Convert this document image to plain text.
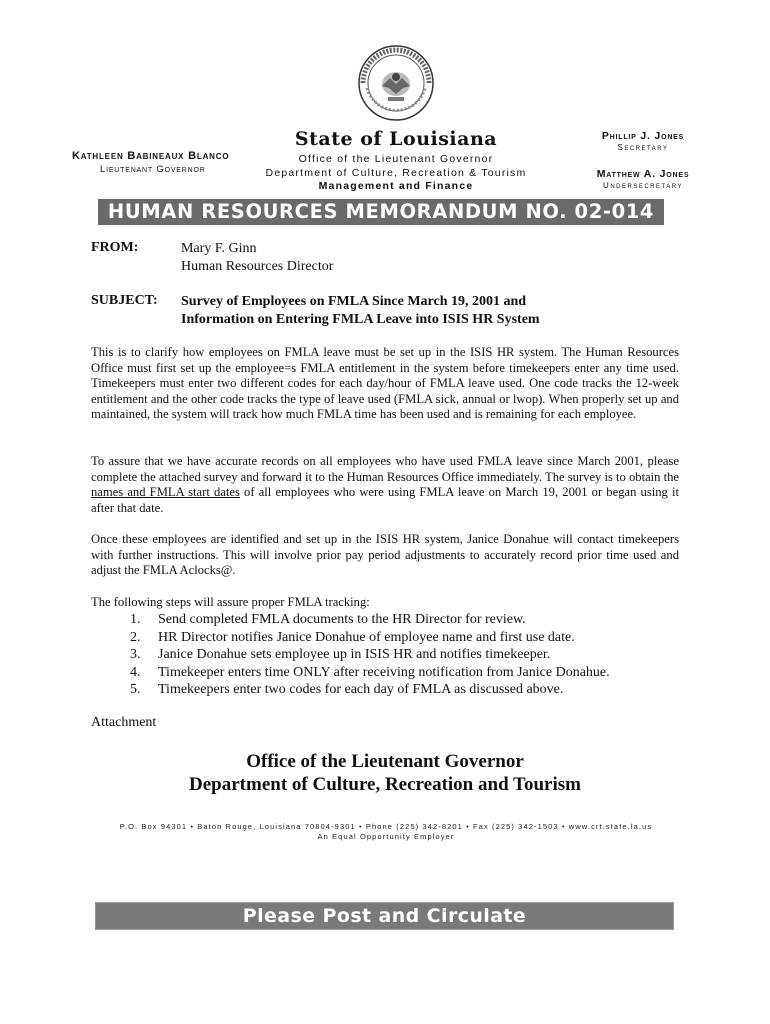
State of Louisiana
Kathleen Babineaux Blanco
Lieutenant Governor
Office of the Lieutenant Governor
Department of Culture, Recreation & Tourism
Management and Finance
Phillip J. Jones
Secretary
Matthew A. Jones
Undersecretary
HUMAN RESOURCES MEMORANDUM NO. 02-014
FROM:	Mary F. Ginn
Human Resources Director
SUBJECT: Survey of Employees on FMLA Since March 19, 2001 and
Information on Entering FMLA Leave into ISIS HR System
This is to clarify how employees on FMLA leave must be set up in the ISIS HR system. The Human Resources Office must first set up the employee=s FMLA entitlement in the system before timekeepers enter any time used. Timekeepers must enter two different codes for each day/hour of FMLA leave used. One code tracks the 12-week entitlement and the other code tracks the type of leave used (FMLA sick, annual or lwop). When properly set up and maintained, the system will track how much FMLA time has been used and is remaining for each employee.
To assure that we have accurate records on all employees who have used FMLA leave since March 2001, please complete the attached survey and forward it to the Human Resources Office immediately. The survey is to obtain the names and FMLA start dates of all employees who were using FMLA leave on March 19, 2001 or began using it after that date.
Once these employees are identified and set up in the ISIS HR system, Janice Donahue will contact timekeepers with further instructions. This will involve prior pay period adjustments to accurately record prior time used and adjust the FMLA Aclocks@.
The following steps will assure proper FMLA tracking:
1.	Send completed FMLA documents to the HR Director for review.
2.	HR Director notifies Janice Donahue of employee name and first use date.
3.	Janice Donahue sets employee up in ISIS HR and notifies timekeeper.
4.	Timekeeper enters time ONLY after receiving notification from Janice Donahue.
5.	Timekeepers enter two codes for each day of FMLA as discussed above.
Attachment
Office of the Lieutenant Governor
Department of Culture, Recreation and Tourism
P.O. Box 94301 • Baton Rouge, Louisiana 70804-9301 • Phone (225) 342-8201 • Fax (225) 342-1503 • www.crt.state.la.us
An Equal Opportunity Employer
Please Post and Circulate
